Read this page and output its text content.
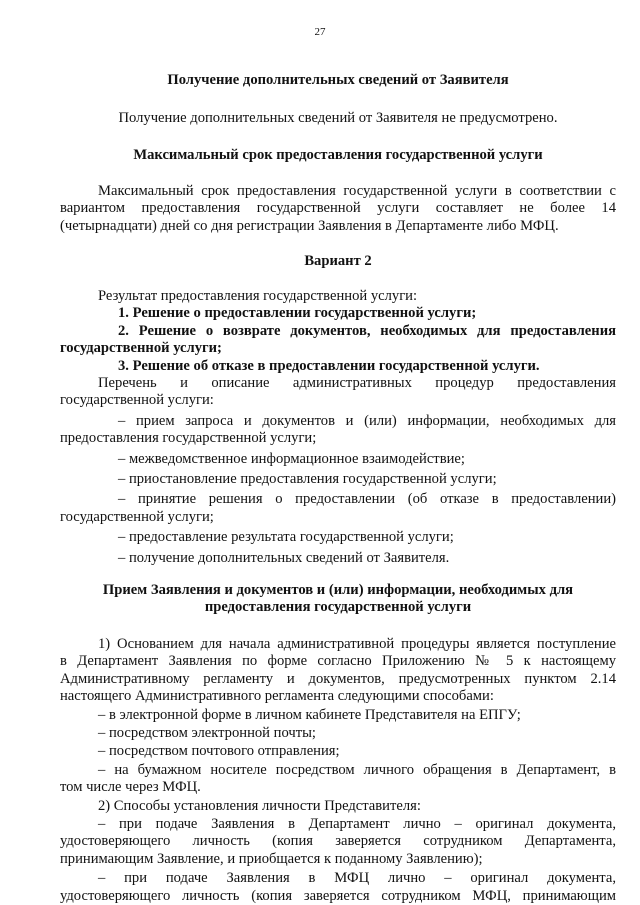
27
Получение дополнительных сведений от Заявителя
Получение дополнительных сведений от Заявителя не предусмотрено.
Максимальный срок предоставления государственной услуги
Максимальный срок предоставления государственной услуги в соответствии с
вариантом предоставления государственной услуги составляет не более 14
(четырнадцати) дней со дня регистрации Заявления в Департаменте либо МФЦ.
Вариант 2
Результат предоставления государственной услуги:
1. Решение о предоставлении государственной услуги;
2. Решение о возврате документов, необходимых для предоставления
государственной услуги;
3. Решение об отказе в предоставлении государственной услуги.
Перечень и описание административных процедур предоставления
государственной услуги:
– прием запроса и документов и (или) информации, необходимых для
предоставления государственной услуги;
– межведомственное информационное взаимодействие;
– приостановление предоставления государственной услуги;
– принятие решения о предоставлении (об отказе в предоставлении)
государственной услуги;
– предоставление результата государственной услуги;
– получение дополнительных сведений от Заявителя.
Прием Заявления и документов и (или) информации, необходимых для
предоставления государственной услуги
1) Основанием для начала административной процедуры является поступление
в Департамент Заявления по форме согласно Приложению № 5 к настоящему
Административному регламенту и документов, предусмотренных пунктом 2.14
настоящего Административного регламента следующими способами:
– в электронной форме в личном кабинете Представителя на ЕПГУ;
– посредством электронной почты;
– посредством почтового отправления;
– на бумажном носителе посредством личного обращения в Департамент, в
том числе через МФЦ.
2) Способы установления личности Представителя:
– при подаче Заявления в Департамент лично – оригинал документа,
удостоверяющего личность (копия заверяется сотрудником Департамента,
принимающим Заявление, и приобщается к поданному Заявлению);
– при подаче Заявления в МФЦ лично – оригинал документа,
удостоверяющего личность (копия заверяется сотрудником МФЦ, принимающим
